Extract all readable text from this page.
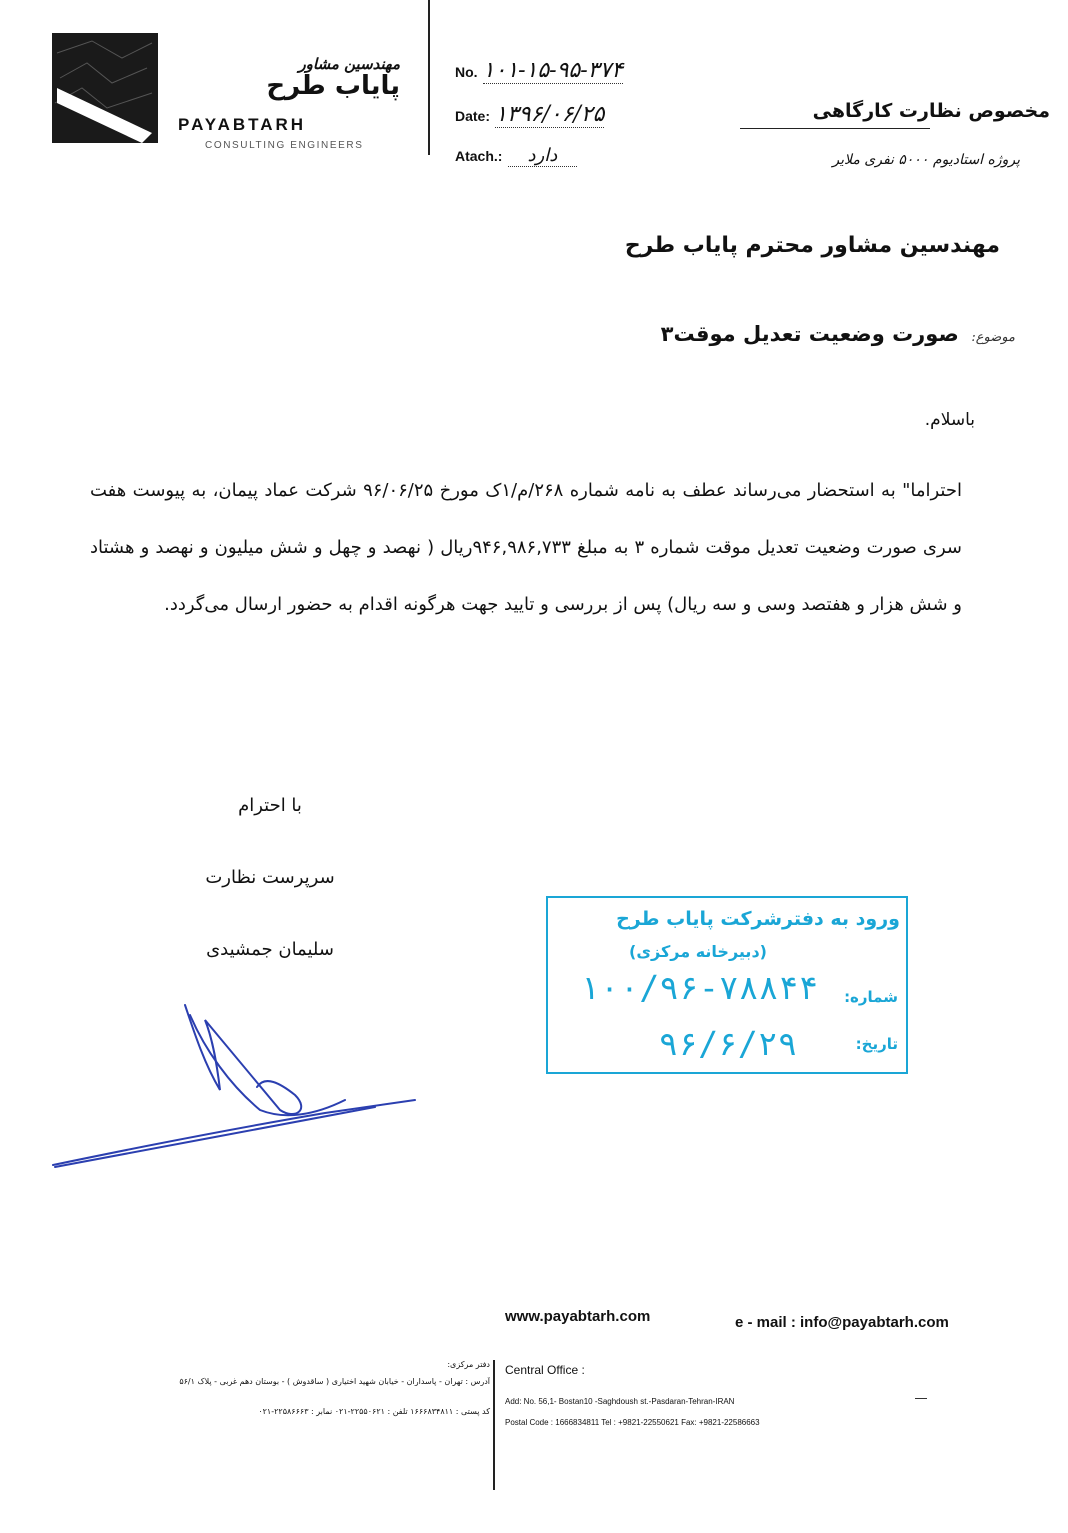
مهندسین مشاور
پایاب طرح
PAYABTARH
CONSULTING ENGINEERS
No. ۱۰۱-۱۵-۹۵-۳۷۴
Date: ۱۳۹۶/۰۶/۲۵
Atach.: دارد
مخصوص نظارت کارگاهی
پروژه استادیوم ۵۰۰۰ نفری ملایر
مهندسین مشاور محترم پایاب طرح
موضوع: صورت وضعیت تعدیل موقت۳
باسلام.
احتراما" به استحضار می‌رساند عطف به نامه شماره ۲۶۸/م/۱ک مورخ ۹۶/۰۶/۲۵ شرکت عماد پیمان، به پیوست هفت سری صورت وضعیت تعدیل موقت شماره ۳ به مبلغ ۹۴۶,۹۸۶,۷۳۳ریال ( نهصد و چهل و شش میلیون و نهصد و هشتاد و شش هزار و هفتصد وسی و سه ریال) پس از بررسی و تایید جهت هرگونه اقدام به حضور ارسال می‌گردد.
با احترام
سرپرست نظارت
سلیمان جمشیدی
ورود به دفترشرکت پایاب طرح
(دبیرخانه مرکزی)
شماره:
۱۰۰/۹۶-۷۸۸۴۴
تاریخ:
۹۶/۶/۲۹
www.payabtarh.com	e - mail : info@payabtarh.com
Central Office :
Add: No. 56,1- Bostan10 -Saghdoush st.-Pasdaran-Tehran-IRAN
Postal Code : 1666834811 Tel : +9821-22550621 Fax: +9821-22586663
دفتر مرکزی:
آدرس : تهران - پاسداران - خیابان شهید اختیاری ( ساقدوش ) - بوستان دهم غربی - پلاک ۵۶/۱
کد پستی : ۱۶۶۶۸۳۴۸۱۱ تلفن : ۲۲۵۵۰۶۲۱-۰۲۱ نمابر : ۲۲۵۸۶۶۶۳-۰۲۱
